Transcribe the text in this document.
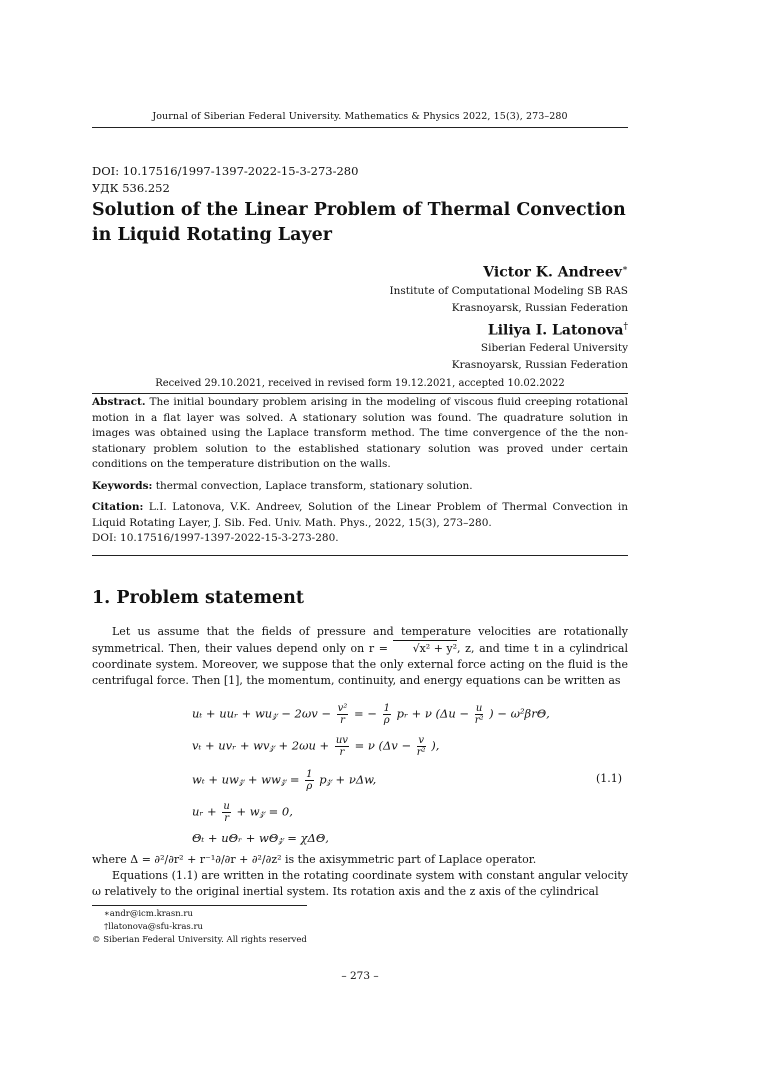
Journal of Siberian Federal University. Mathematics & Physics 2022, 15(3), 273–280
DOI: 10.17516/1997-1397-2022-15-3-273-280
УДК 536.252
Solution of the Linear Problem of Thermal Convection
in Liquid Rotating Layer
Victor K. Andreev∗
Institute of Computational Modeling SB RAS
Krasnoyarsk, Russian Federation
Liliya I. Latonova†
Siberian Federal University
Krasnoyarsk, Russian Federation
Received 29.10.2021, received in revised form 19.12.2021, accepted 10.02.2022
Abstract. The initial boundary problem arising in the modeling of viscous fluid creeping rotational motion in a flat layer was solved. A stationary solution was found. The quadrature solution in images was obtained using the Laplace transform method. The time convergence of the the non-stationary problem solution to the established stationary solution was proved under certain conditions on the temperature distribution on the walls.
Keywords: thermal convection, Laplace transform, stationary solution.
Citation: L.I. Latonova, V.K. Andreev, Solution of the Linear Problem of Thermal Convection in Liquid Rotating Layer, J. Sib. Fed. Univ. Math. Phys., 2022, 15(3), 273–280.
DOI: 10.17516/1997-1397-2022-15-3-273-280.
1. Problem statement
Let us assume that the fields of pressure and temperature velocities are rotationally symmetrical. Then, their values depend only on r = √x² + y², z, and time t in a cylindrical coordinate system. Moreover, we suppose that the only external force acting on the fluid is the centrifugal force. Then [1], the momentum, continuity, and energy equations can be written as
uₜ + uuᵣ + wu𝓏 − $2\omega v - \frac{\text{v²}}{r}$ = − $\frac{1}{\rho}$ pᵣ + ν ($\Delta u - \frac{u}{\text{r²}}$ ) − ω²βrΘ,
vₜ + uvᵣ + wv𝓏 + $2\omega u + \frac{uv}{r} = \nu$ ($\Delta v - \frac{v}{\text{r²}}$ ),
wₜ + uw𝓏 + ww𝓏 = $\frac{1}{\rho}$ p𝓏 + νΔw,
uᵣ + $\frac{u}{r}$ + w𝓏 = 0,
Θₜ + uΘᵣ + wΘ𝓏 = χΔΘ,
(1.1)
where Δ = ∂²/∂r² + r⁻¹∂/∂r + ∂²/∂z² is the axisymmetric part of Laplace operator.
Equations (1.1) are written in the rotating coordinate system with constant angular velocity ω relatively to the original inertial system. Its rotation axis and the z axis of the cylindrical
∗andr@icm.krasn.ru
†llatonova@sfu-kras.ru
© Siberian Federal University. All rights reserved
– 273 –
